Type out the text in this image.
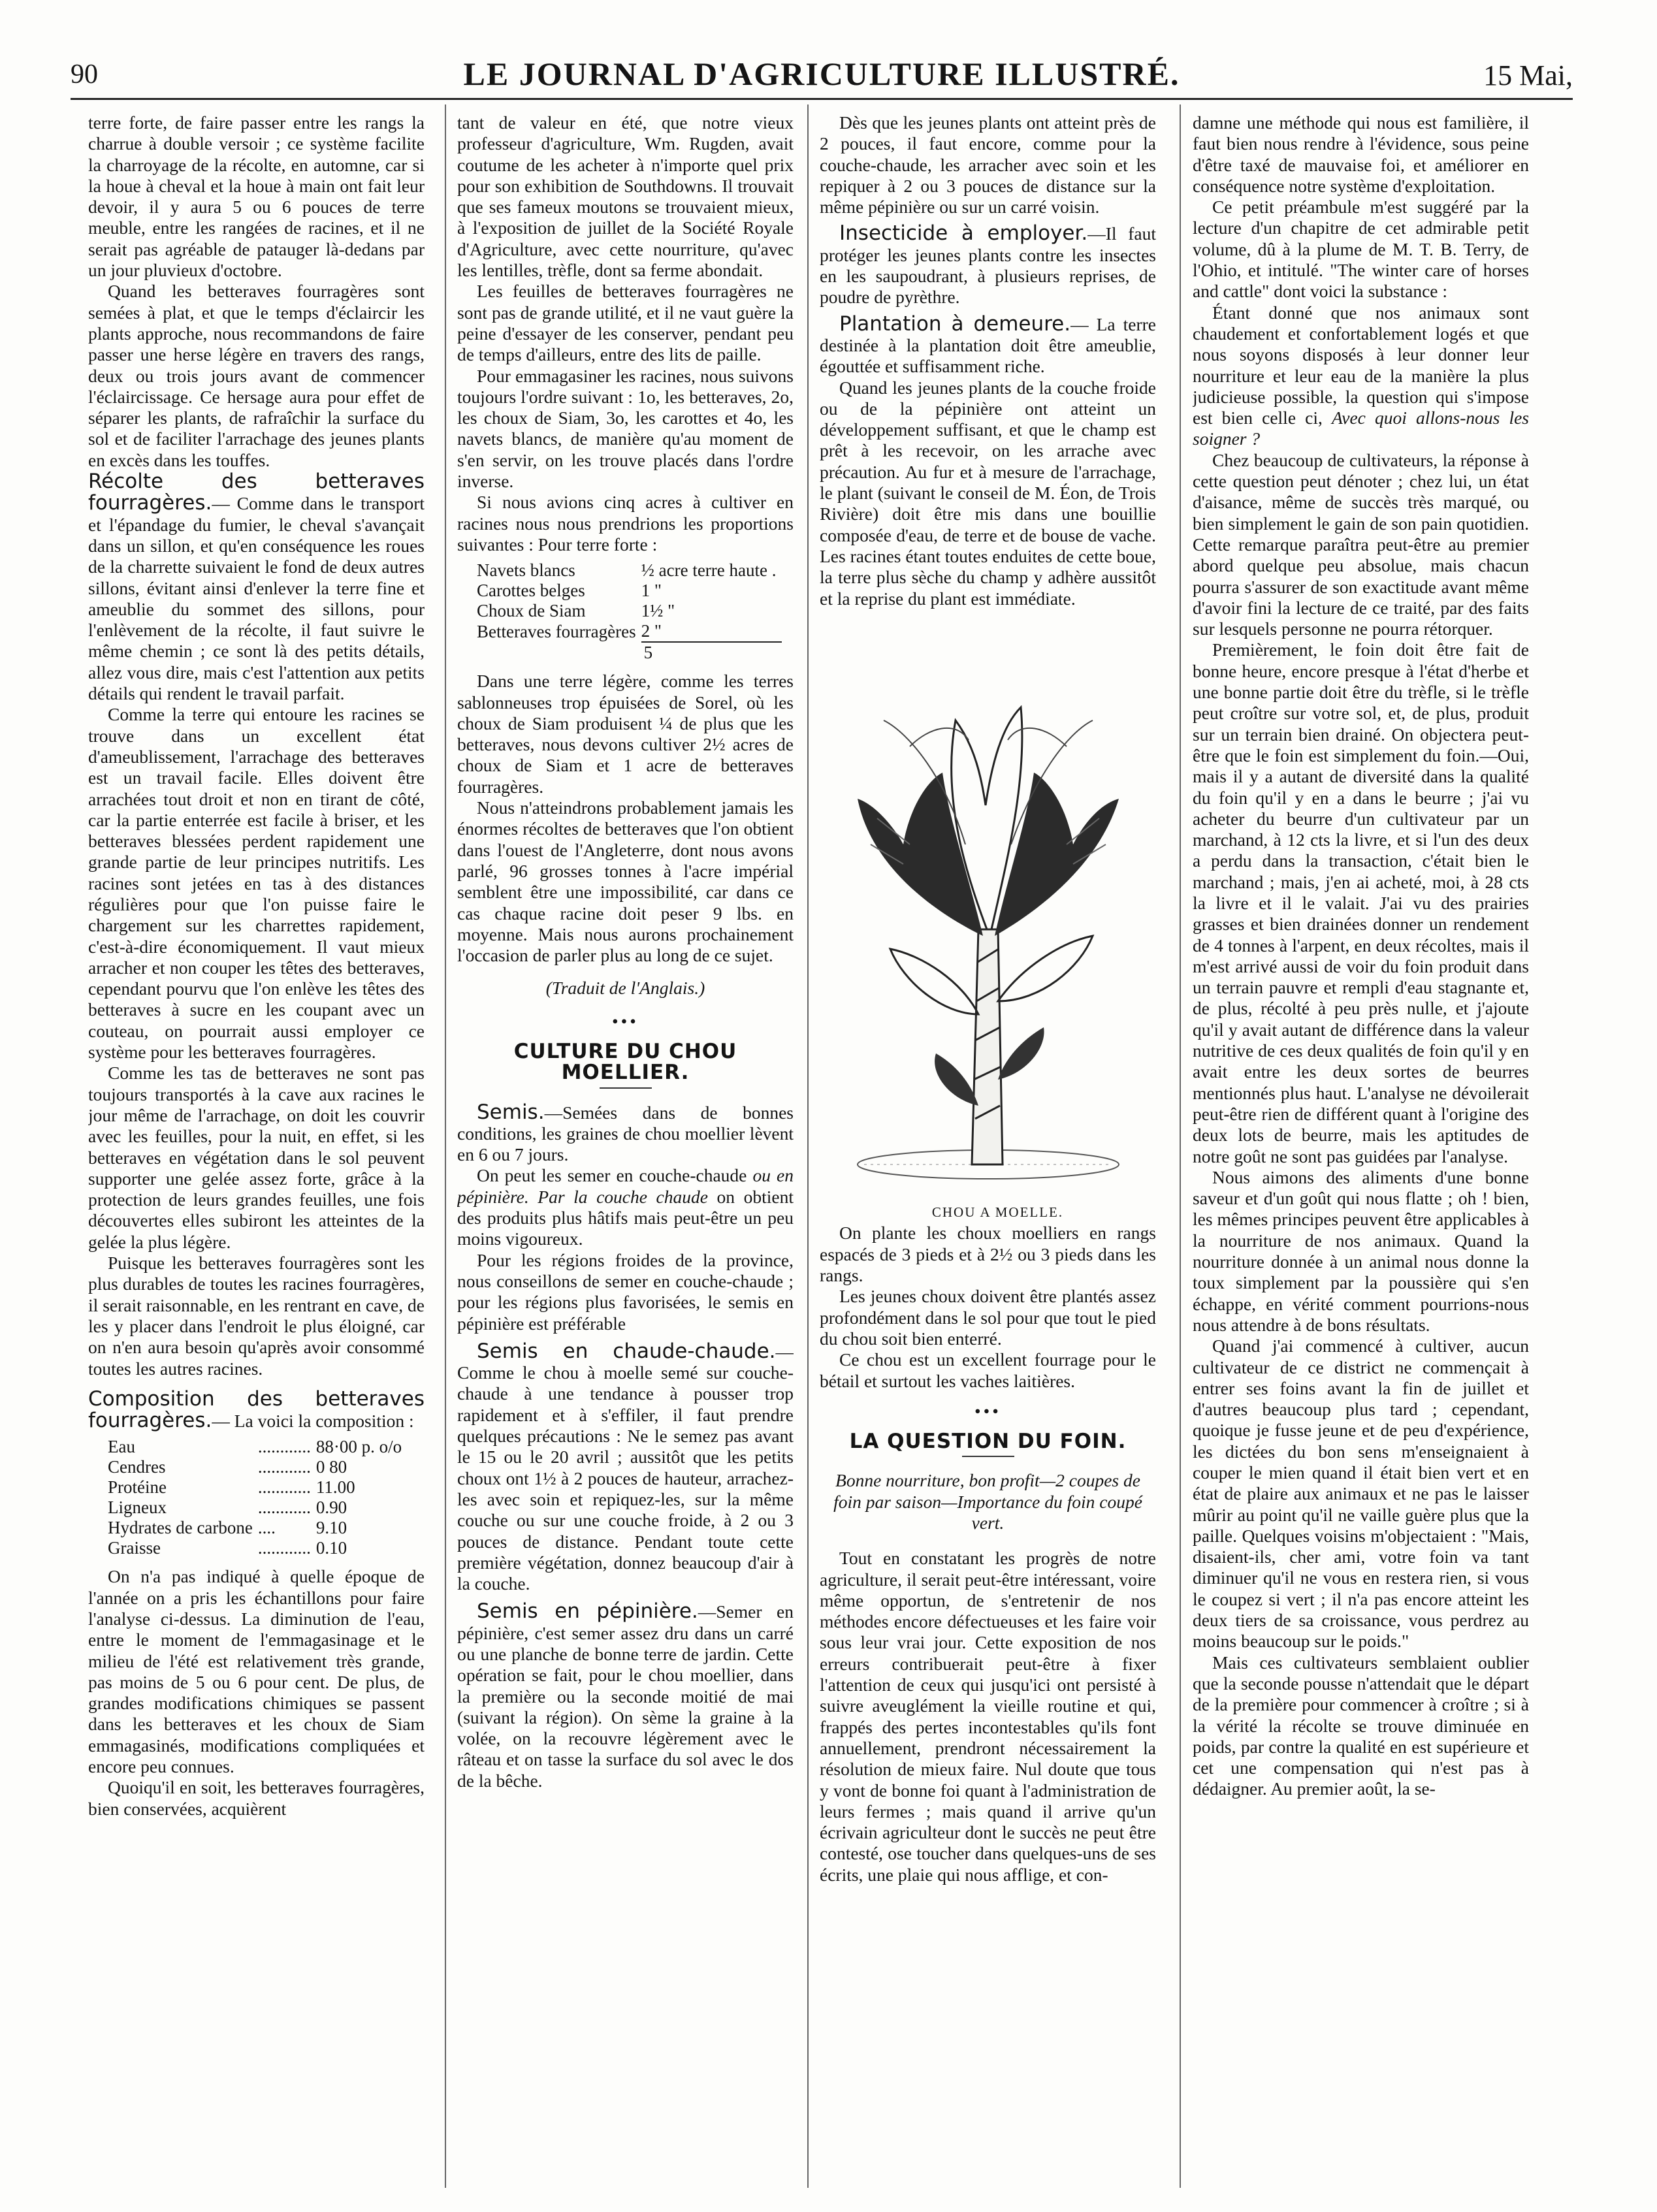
90	LE JOURNAL D'AGRICULTURE ILLUSTRÉ.	15 Mai,

terre forte, de faire passer entre les rangs la charrue à double versoir ; ce système facilite la charroyage de la récolte, en automne, car si la houe à cheval et la houe à main ont fait leur devoir, il y aura 5 ou 6 pouces de terre meuble, entre les rangées de racines, et il ne serait pas agréable de patauger là-dedans par un jour pluvieux d'octobre.

Quand les betteraves fourragères sont semées à plat, et que le temps d'éclaircir les plants approche, nous recommandons de faire passer une herse légère en travers des rangs, deux ou trois jours avant de commencer l'éclaircissage. Ce hersage aura pour effet de séparer les plants, de rafraîchir la surface du sol et de faciliter l'arrachage des jeunes plants en excès dans les touffes.

Récolte des betteraves fourragères.— Comme dans le transport et l'épandage du fumier, le cheval s'avançait dans un sillon, et qu'en conséquence les roues de la charrette suivaient le fond de deux autres sillons, évitant ainsi d'enlever la terre fine et ameublie du sommet des sillons, pour l'enlèvement de la récolte, il faut suivre le même chemin ; ce sont là des petits détails, allez vous dire, mais c'est l'attention aux petits détails qui rendent le travail parfait.

Comme la terre qui entoure les racines se trouve dans un excellent état d'ameublissement, l'arrachage des betteraves est un travail facile. Elles doivent être arrachées tout droit et non en tirant de côté, car la partie enterrée est facile à briser, et les betteraves blessées perdent rapidement une grande partie de leur principes nutritifs. Les racines sont jetées en tas à des distances régulières pour que l'on puisse faire le chargement sur les charrettes rapidement, c'est-à-dire économiquement. Il vaut mieux arracher et non couper les têtes des betteraves, cependant pourvu que l'on enlève les têtes des betteraves à sucre en les coupant avec un couteau, on pourrait aussi employer ce système pour les betteraves fourragères.

Comme les tas de betteraves ne sont pas toujours transportés à la cave aux racines le jour même de l'arrachage, on doit les couvrir avec les feuilles, pour la nuit, en effet, si les betteraves en végétation dans le sol peuvent supporter une gelée assez forte, grâce à la protection de leurs grandes feuilles, une fois découvertes elles subiront les atteintes de la gelée la plus légère.

Puisque les betteraves fourragères sont les plus durables de toutes les racines fourragères, il serait raisonnable, en les rentrant en cave, de les y placer dans l'endroit le plus éloigné, car on n'en aura besoin qu'après avoir consommé toutes les autres racines.

Composition des betteraves fourragères.— La voici la composition :

Eau	............	88·00 p. o/o
Cendres	............	0 80
Protéine	............	11.00
Ligneux	............	0.90
Hydrates de carbone	....	9.10
Graisse	............	0.10

On n'a pas indiqué à quelle époque de l'année on a pris les échantillons pour faire l'analyse ci-dessus. La diminution de l'eau, entre le moment de l'emmagasinage et le milieu de l'été est relativement très grande, pas moins de 5 ou 6 pour cent. De plus, de grandes modifications chimiques se passent dans les betteraves et les choux de Siam emmagasinés, modifications compliquées et encore peu connues.

Quoiqu'il en soit, les betteraves fourragères, bien conservées, acquièrent

tant de valeur en été, que notre vieux professeur d'agriculture, Wm. Rugden, avait coutume de les acheter à n'importe quel prix pour son exhibition de Southdowns. Il trouvait que ses fameux moutons se trouvaient mieux, à l'exposition de juillet de la Société Royale d'Agriculture, avec cette nourriture, qu'avec les lentilles, trèfle, dont sa ferme abondait.

Les feuilles de betteraves fourragères ne sont pas de grande utilité, et il ne vaut guère la peine d'essayer de les conserver, pendant peu de temps d'ailleurs, entre des lits de paille.

Pour emmagasiner les racines, nous suivons toujours l'ordre suivant : 1o, les betteraves, 2o, les choux de Siam, 3o, les carottes et 4o, les navets blancs, de manière qu'au moment de s'en servir, on les trouve placés dans l'ordre inverse.

Si nous avions cinq acres à cultiver en racines nous nous prendrions les proportions suivantes : Pour terre forte :

Navets blancs	½ acre terre haute .
Carottes belges	1 "
Choux de Siam	1½ "
Betteraves fourragères	2 "
	5

Dans une terre légère, comme les terres sablonneuses trop épuisées de Sorel, où les choux de Siam produisent ¼ de plus que les betteraves, nous devons cultiver 2½ acres de choux de Siam et 1 acre de betteraves fourragères.

Nous n'atteindrons probablement jamais les énormes récoltes de betteraves que l'on obtient dans l'ouest de l'Angleterre, dont nous avons parlé, 96 grosses tonnes à l'acre impérial semblent être une impossibilité, car dans ce cas chaque racine doit peser 9 lbs. en moyenne. Mais nous aurons prochainement l'occasion de parler plus au long de ce sujet.

(Traduit de l'Anglais.)

•••

CULTURE DU CHOU MOELLIER.

Semis.—Semées dans de bonnes conditions, les graines de chou moellier lèvent en 6 ou 7 jours.

On peut les semer en couche-chaude ou en pépinière. Par la couche chaude on obtient des produits plus hâtifs mais peut-être un peu moins vigoureux.

Pour les régions froides de la province, nous conseillons de semer en couche-chaude ; pour les régions plus favorisées, le semis en pépinière est préférable

Semis en chaude-chaude.—Comme le chou à moelle semé sur couche-chaude à une tendance à pousser trop rapidement et à s'effiler, il faut prendre quelques précautions : Ne le semez pas avant le 15 ou le 20 avril ; aussitôt que les petits choux ont 1½ à 2 pouces de hauteur, arrachez-les avec soin et repiquez-les, sur la même couche ou sur une couche froide, à 2 ou 3 pouces de distance. Pendant toute cette première végétation, donnez beaucoup d'air à la couche.

Semis en pépinière.—Semer en pépinière, c'est semer assez dru dans un carré ou une planche de bonne terre de jardin. Cette opération se fait, pour le chou moellier, dans la première ou la seconde moitié de mai (suivant la région). On sème la graine à la volée, on la recouvre légèrement avec le râteau et on tasse la surface du sol avec le dos de la bêche.

Dès que les jeunes plants ont atteint près de 2 pouces, il faut encore, comme pour la couche-chaude, les arracher avec soin et les repiquer à 2 ou 3 pouces de distance sur la même pépinière ou sur un carré voisin.

Insecticide à employer.—Il faut protéger les jeunes plants contre les insectes en les saupoudrant, à plusieurs reprises, de poudre de pyrèthre.

Plantation à demeure.— La terre destinée à la plantation doit être ameublie, égouttée et suffisamment riche.

Quand les jeunes plants de la couche froide ou de la pépinière ont atteint un développement suffisant, et que le champ est prêt à les recevoir, on les arrache avec précaution. Au fur et à mesure de l'arrachage, le plant (suivant le conseil de M. Éon, de Trois Rivière) doit être mis dans une bouillie composée d'eau, de terre et de bouse de vache. Les racines étant toutes enduites de cette boue, la terre plus sèche du champ y adhère aussitôt et la reprise du plant est immédiate.

CHOU A MOELLE.

On plante les choux moelliers en rangs espacés de 3 pieds et à 2½ ou 3 pieds dans les rangs.

Les jeunes choux doivent être plantés assez profondément dans le sol pour que tout le pied du chou soit bien enterré.

Ce chou est un excellent fourrage pour le bétail et surtout les vaches laitières.

•••

LA QUESTION DU FOIN.

Bonne nourriture, bon profit—2 coupes de foin par saison—Importance du foin coupé vert.

Tout en constatant les progrès de notre agriculture, il serait peut-être intéressant, voire même opportun, de s'entretenir de nos méthodes encore défectueuses et les faire voir sous leur vrai jour. Cette exposition de nos erreurs contribuerait peut-être à fixer l'attention de ceux qui jusqu'ici ont persisté à suivre aveuglément la vieille routine et qui, frappés des pertes incontestables qu'ils font annuellement, prendront nécessairement la résolution de mieux faire. Nul doute que tous y vont de bonne foi quant à l'administration de leurs fermes ; mais quand il arrive qu'un écrivain agriculteur dont le succès ne peut être contesté, ose toucher dans quelques-uns de ses écrits, une plaie qui nous afflige, et con-

damne une méthode qui nous est familière, il faut bien nous rendre à l'évidence, sous peine d'être taxé de mauvaise foi, et améliorer en conséquence notre système d'exploitation.

Ce petit préambule m'est suggéré par la lecture d'un chapitre de cet admirable petit volume, dû à la plume de M. T. B. Terry, de l'Ohio, et intitulé. "The winter care of horses and cattle" dont voici la substance :

Étant donné que nos animaux sont chaudement et confortablement logés et que nous soyons disposés à leur donner leur nourriture et leur eau de la manière la plus judicieuse possible, la question qui s'impose est bien celle ci, Avec quoi allons-nous les soigner ?

Chez beaucoup de cultivateurs, la réponse à cette question peut dénoter ; chez lui, un état d'aisance, même de succès très marqué, ou bien simplement le gain de son pain quotidien. Cette remarque paraîtra peut-être au premier abord quelque peu absolue, mais chacun pourra s'assurer de son exactitude avant même d'avoir fini la lecture de ce traité, par des faits sur lesquels personne ne pourra rétorquer.

Premièrement, le foin doit être fait de bonne heure, encore presque à l'état d'herbe et une bonne partie doit être du trèfle, si le trèfle peut croître sur votre sol, et, de plus, produit sur un terrain bien drainé. On objectera peut-être que le foin est simplement du foin.—Oui, mais il y a autant de diversité dans la qualité du foin qu'il y en a dans le beurre ; j'ai vu acheter du beurre d'un cultivateur par un marchand, à 12 cts la livre, et si l'un des deux a perdu dans la transaction, c'était bien le marchand ; mais, j'en ai acheté, moi, à 28 cts la livre et il le valait. J'ai vu des prairies grasses et bien drainées donner un rendement de 4 tonnes à l'arpent, en deux récoltes, mais il m'est arrivé aussi de voir du foin produit dans un terrain pauvre et rempli d'eau stagnante et, de plus, récolté à peu près nulle, et j'ajoute qu'il y avait autant de différence dans la valeur nutritive de ces deux qualités de foin qu'il y en avait entre les deux sortes de beurres mentionnés plus haut. L'analyse ne dévoilerait peut-être rien de différent quant à l'origine des deux lots de beurre, mais les aptitudes de notre goût ne sont pas guidées par l'analyse.

Nous aimons des aliments d'une bonne saveur et d'un goût qui nous flatte ; oh ! bien, les mêmes principes peuvent être applicables à la nourriture de nos animaux. Quand la nourriture donnée à un animal nous donne la toux simplement par la poussière qui s'en échappe, en vérité comment pourrions-nous nous attendre à de bons résultats.

Quand j'ai commencé à cultiver, aucun cultivateur de ce district ne commençait à entrer ses foins avant la fin de juillet et d'autres beaucoup plus tard ; cependant, quoique je fusse jeune et de peu d'expérience, les dictées du bon sens m'enseignaient à couper le mien quand il était bien vert et en état de plaire aux animaux et ne pas le laisser mûrir au point qu'il ne vaille guère plus que la paille. Quelques voisins m'objectaient : "Mais, disaient-ils, cher ami, votre foin va tant diminuer qu'il ne vous en restera rien, si vous le coupez si vert ; il n'a pas encore atteint les deux tiers de sa croissance, vous perdrez au moins beaucoup sur le poids."

Mais ces cultivateurs semblaient oublier que la seconde pousse n'attendait que le départ de la première pour commencer à croître ; si à la vérité la récolte se trouve diminuée en poids, par contre la qualité en est supérieure et cet une compensation qui n'est pas à dédaigner. Au premier août, la se-
